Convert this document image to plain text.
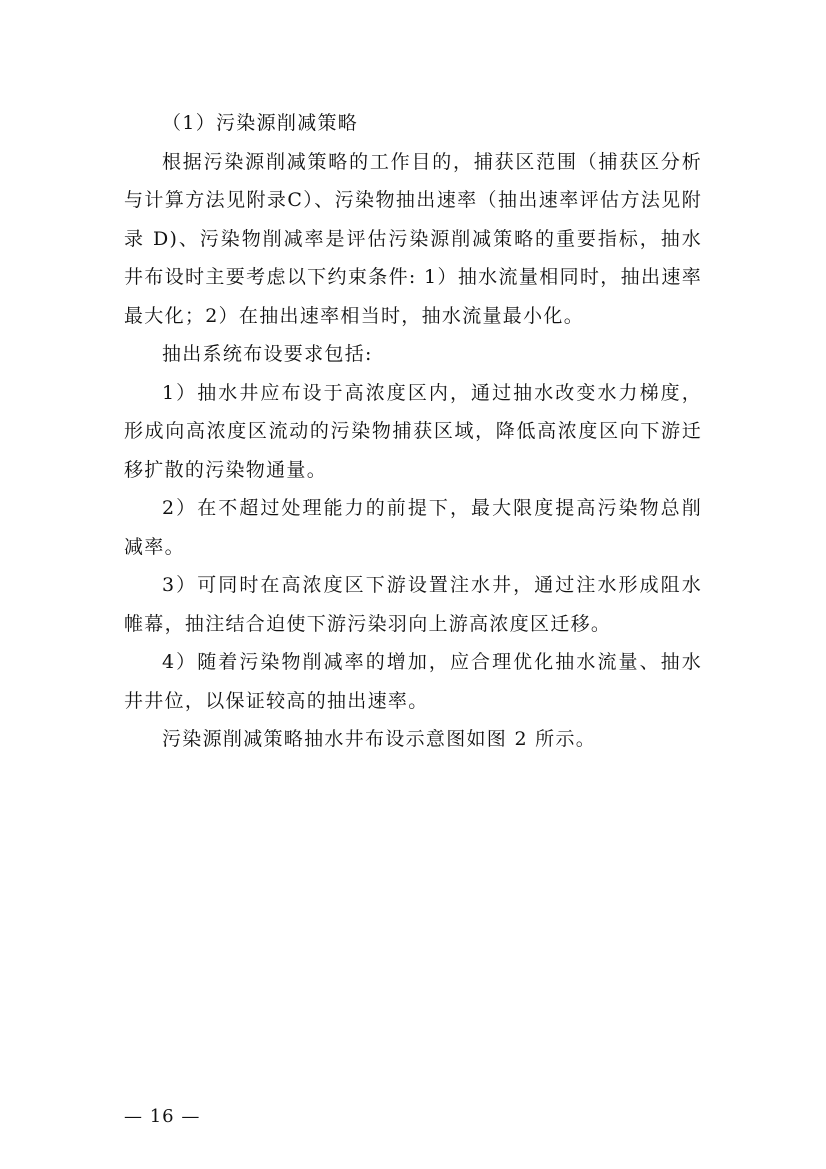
（1）污染源削减策略

根据污染源削减策略的工作目的，捕获区范围（捕获区分析与计算方法见附录C）、污染物抽出速率（抽出速率评估方法见附录 D)、污染物削减率是评估污染源削减策略的重要指标，抽水井布设时主要考虑以下约束条件: 1）抽水流量相同时，抽出速率最大化；2）在抽出速率相当时，抽水流量最小化。

抽出系统布设要求包括:

1）抽水井应布设于高浓度区内，通过抽水改变水力梯度，形成向高浓度区流动的污染物捕获区域，降低高浓度区向下游迁移扩散的污染物通量。

2）在不超过处理能力的前提下，最大限度提高污染物总削减率。

3）可同时在高浓度区下游设置注水井，通过注水形成阻水帷幕，抽注结合迫使下游污染羽向上游高浓度区迁移。

4）随着污染物削减率的增加，应合理优化抽水流量、抽水井井位，以保证较高的抽出速率。

污染源削减策略抽水井布设示意图如图 2 所示。

— 16 —
